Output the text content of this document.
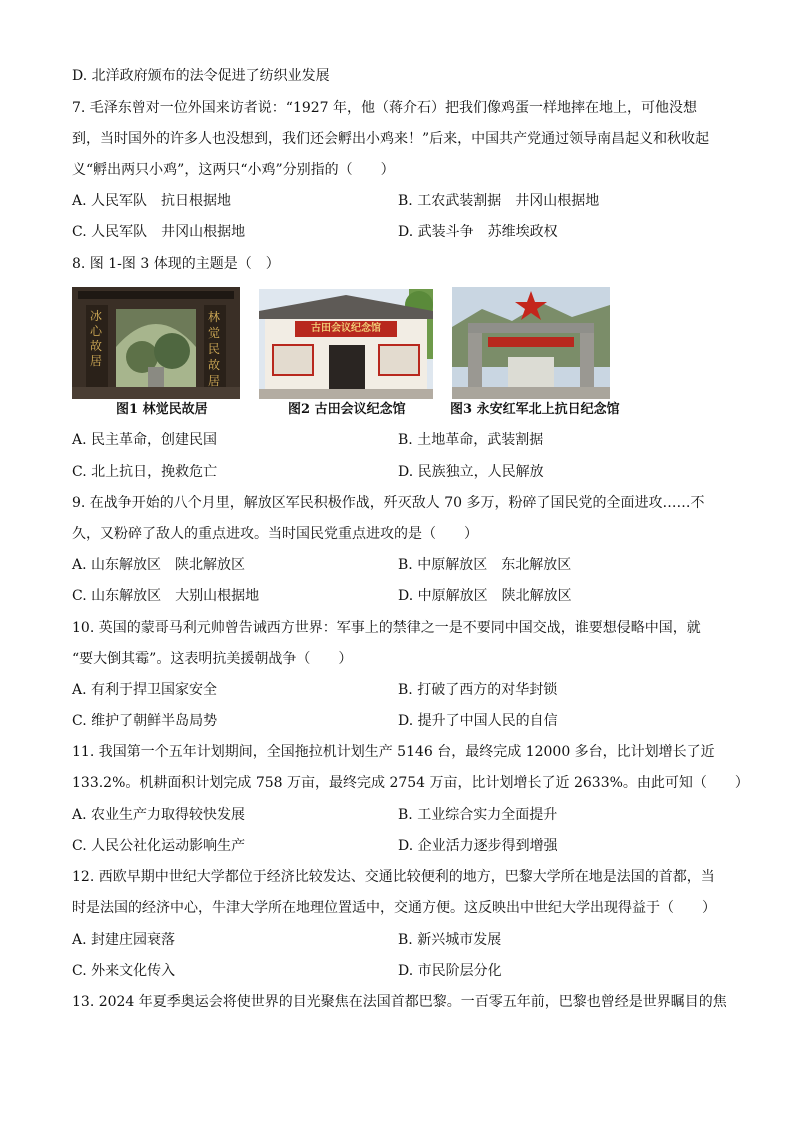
D. 北洋政府颁布的法令促进了纺织业发展
7. 毛泽东曾对一位外国来访者说：“1927 年，他（蒋介石）把我们像鸡蛋一样地摔在地上，可他没想
到，当时国外的许多人也没想到，我们还会孵出小鸡来！”后来，中国共产党通过领导南昌起义和秋收起
义“孵出两只小鸡”，这两只“小鸡”分别指的（　　）
A. 人民军队　抗日根据地	B. 工农武装割据　井冈山根据地
C. 人民军队　井冈山根据地	D. 武装斗争　苏维埃政权
8. 图 1-图 3 体现的主题是（　）
冰心故居
林觉民故居
图1 林觉民故居
古田会议纪念馆
图2 古田会议纪念馆	图3 永安红军北上抗日纪念馆
A. 民主革命，创建民国	B. 土地革命，武装割据
C. 北上抗日，挽救危亡	D. 民族独立，人民解放
9. 在战争开始的八个月里，解放区军民积极作战，歼灭敌人 70 多万，粉碎了国民党的全面进攻……不
久，又粉碎了敌人的重点进攻。当时国民党重点进攻的是（　　）
A. 山东解放区　陕北解放区	B. 中原解放区　东北解放区
C. 山东解放区　大别山根据地	D. 中原解放区　陕北解放区
10. 英国的蒙哥马利元帅曾告诫西方世界：军事上的禁律之一是不要同中国交战，谁要想侵略中国，就
“要大倒其霉”。这表明抗美援朝战争（　　）
A. 有利于捍卫国家安全	B. 打破了西方的对华封锁
C. 维护了朝鲜半岛局势	D. 提升了中国人民的自信
11. 我国第一个五年计划期间，全国拖拉机计划生产 5146 台，最终完成 12000 多台，比计划增长了近
133.2%。机耕面积计划完成 758 万亩，最终完成 2754 万亩，比计划增长了近 2633%。由此可知（　　）
A. 农业生产力取得较快发展	B. 工业综合实力全面提升
C. 人民公社化运动影响生产	D. 企业活力逐步得到增强
12. 西欧早期中世纪大学都位于经济比较发达、交通比较便利的地方，巴黎大学所在地是法国的首都，当
时是法国的经济中心，牛津大学所在地理位置适中，交通方便。这反映出中世纪大学出现得益于（　　）
A. 封建庄园衰落	B. 新兴城市发展
C. 外来文化传入	D. 市民阶层分化
13. 2024 年夏季奥运会将使世界的目光聚焦在法国首都巴黎。一百零五年前，巴黎也曾经是世界瞩目的焦
